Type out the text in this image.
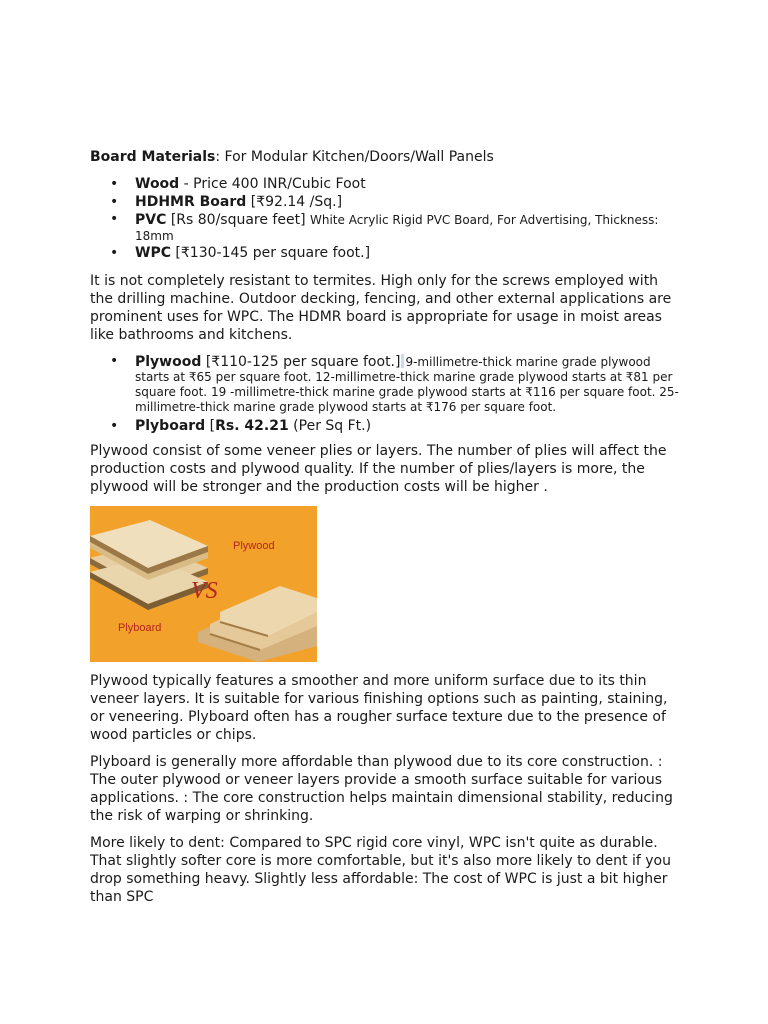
Board Materials: For Modular Kitchen/Doors/Wall Panels

• Wood - Price 400 INR/Cubic Foot
• HDHMR Board [₹92.14 /Sq.]
• PVC [Rs 80/square feet] White Acrylic Rigid PVC Board, For Advertising, Thickness: 18mm
• WPC [₹130-145 per square foot.]

It is not completely resistant to termites. High only for the screws employed with the drilling machine. Outdoor decking, fencing, and other external applications are prominent uses for WPC. The HDMR board is appropriate for usage in moist areas like bathrooms and kitchens.

• Plywood [₹110-125 per square foot.] 9-millimetre-thick marine grade plywood starts at ₹65 per square foot. 12-millimetre-thick marine grade plywood starts at ₹81 per square foot. 19 -millimetre-thick marine grade plywood starts at ₹116 per square foot. 25-millimetre-thick marine grade plywood starts at ₹176 per square foot.
• Plyboard [Rs. 42.21 (Per Sq Ft.)

Plywood consist of some veneer plies or layers. The number of plies will affect the production costs and plywood quality. If the number of plies/layers is more, the plywood will be stronger and the production costs will be higher .

Plywood
Plyboard
VS

Plywood typically features a smoother and more uniform surface due to its thin veneer layers. It is suitable for various finishing options such as painting, staining, or veneering. Plyboard often has a rougher surface texture due to the presence of wood particles or chips.

Plyboard is generally more affordable than plywood due to its core construction. : The outer plywood or veneer layers provide a smooth surface suitable for various applications. : The core construction helps maintain dimensional stability, reducing the risk of warping or shrinking.

More likely to dent: Compared to SPC rigid core vinyl, WPC isn't quite as durable. That slightly softer core is more comfortable, but it's also more likely to dent if you drop something heavy. Slightly less affordable: The cost of WPC is just a bit higher than SPC
